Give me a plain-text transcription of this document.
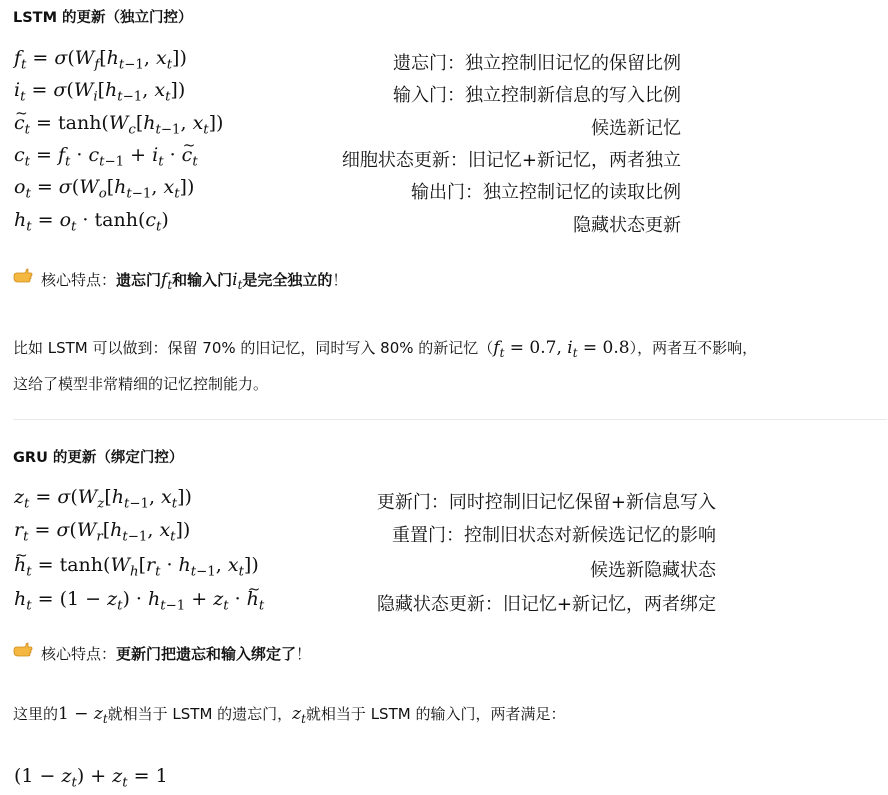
LSTM 的更新（独立门控）
$f_t = \sigma(W_f[h_{t-1}$, $x_t$])	遗忘门：独立控制旧记忆的保留比例
$i_t = \sigma(W_i[h_{t-1}$, $x_t$])	输入门：独立控制新信息的写入比例
~ $c_t = \tanh(W_c[h_{t-1}$, $x_t$])	候选新记忆
$c_t = f_t \cdot c_{t-1} + i_t$ · ~ $c_t$	细胞状态更新：旧记忆+新记忆，两者独立
$o_t = \sigma(W_o[h_{t-1}$, $x_t$])	输出门：独立控制记忆的读取比例
$h_t = o_t \cdot \tanh(c_t)$	隐藏状态更新
核心特点：遗忘门$f_t$和输入门$i_t$是完全独立的！
比如 LSTM 可以做到：保留 70% 的旧记忆，同时写入 80% 的新记忆（$f_t = 0.7$, $i_t = 0.8$），两者互不影响，
这给了模型非常精细的记忆控制能力。
GRU 的更新（绑定门控）
$z_t = \sigma(W_z[h_{t-1}$, $x_t$])	更新门：同时控制旧记忆保留+新信息写入
$r_t = \sigma(W_r[h_{t-1}$, $x_t$])	重置门：控制旧状态对新候选记忆的影响
~ $h_t = \tanh(W_h[r_t \cdot h_{t-1}$, $x_t$])	候选新隐藏状态
$h_t = (1 - z_t) \cdot h_{t-1} + z_t$ · ~ $h_t$	隐藏状态更新：旧记忆+新记忆，两者绑定
核心特点：更新门把遗忘和输入绑定了！
这里的$1 - z_t$就相当于 LSTM 的遗忘门，$z_t$就相当于 LSTM 的输入门，两者满足：
$(1 - z_t) + z_t = 1$
